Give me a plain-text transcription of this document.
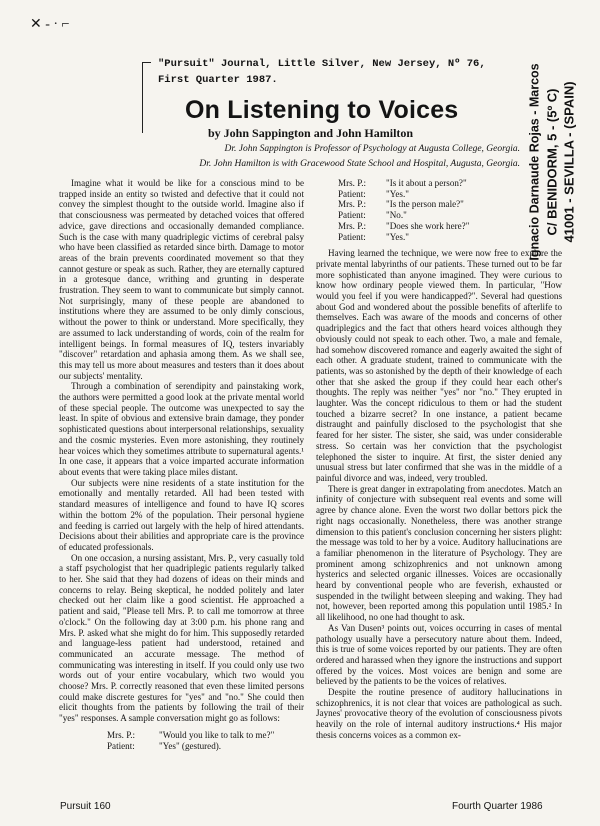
✕ - · ⌐
"Pursuit" Journal, Little Silver, New Jersey, Nº 76,
First Quarter 1987.
On Listening to Voices
by John Sappington and John Hamilton
Dr. John Sappington is Professor of Psychology at Augusta College, Georgia.
Dr. John Hamilton is with Gracewood State School and Hospital, Augusta, Georgia. Ignacio Darnaude Rojas - Marcos C/ BENIDORM, 5 - (5º C) 41001 - SEVILLA - (SPAIN)

Imagine what it would be like for a conscious mind to be trapped inside an entity so twisted and defective that it could not convey the simplest thought to the outside world. Imagine also if that consciousness was permeated by detached voices that offered advice, gave directions and occasionally demanded compliance. Such is the case with many quadriplegic victims of cerebral palsy who have been classified as retarded since birth. Damage to motor areas of the brain prevents coordinated movement so that they cannot gesture or speak as such. Rather, they are eternally captured in a grotesque dance, writhing and grunting in desperate frustration. They seem to want to communicate but simply cannot. Not surprisingly, many of these people are abandoned to institutions where they are assumed to be only dimly conscious, without the power to think or understand. More specifically, they are assumed to lack understanding of words, coin of the realm for intelligent beings. In formal measures of IQ, testers invariably "discover" retardation and aphasia among them. As we shall see, this may tell us more about measures and testers than it does about our subjects' mentality.

Through a combination of serendipity and painstaking work, the authors were permitted a good look at the private mental world of these special people. The outcome was unexpected to say the least. In spite of obvious and extensive brain damage, they ponder sophisticated questions about interpersonal relationships, sexuality and the cosmic mysteries. Even more astonishing, they routinely hear voices which they sometimes attribute to supernatural agents.¹ In one case, it appears that a voice imparted accurate information about events that were taking place miles distant.

Our subjects were nine residents of a state institution for the emotionally and mentally retarded. All had been tested with standard measures of intelligence and found to have IQ scores within the bottom 2% of the population. Their personal hygiene and feeding is carried out largely with the help of hired attendants. Decisions about their abilities and appropriate care is the province of educated professionals.

On one occasion, a nursing assistant, Mrs. P., very casually told a staff psychologist that her quadriplegic patients regularly talked to her. She said that they had dozens of ideas on their minds and concerns to relay. Being skeptical, he nodded politely and later checked out her claim like a good scientist. He approached a patient and said, "Please tell Mrs. P. to call me tomorrow at three o'clock." On the following day at 3:00 p.m. his phone rang and Mrs. P. asked what she might do for him. This supposedly retarded and language-less patient had understood, retained and communicated an accurate message. The method of communicating was interesting in itself. If you could only use two words out of your entire vocabulary, which two would you choose? Mrs. P. correctly reasoned that even these limited persons could make discrete gestures for "yes" and "no." She could then elicit thoughts from the patients by following the trail of their "yes" responses. A sample conversation might go as follows:

Mrs. P.:	"Would you like to talk to me?"
Patient:	"Yes" (gestured).
Mrs. P.:	"Is it about a person?"
Patient:	"Yes."
Mrs. P.:	"Is the person male?"
Patient:	"No."
Mrs. P.:	"Does she work here?"
Patient:	"Yes."

Having learned the technique, we were now free to explore the private mental labyrinths of our patients. These turned out to be far more sophisticated than anyone imagined. They were curious to know how ordinary people viewed them. In particular, "How would you feel if you were handicapped?". Several had questions about God and wondered about the possible benefits of afterlife to themselves. Each was aware of the moods and concerns of other quadriplegics and the fact that others heard voices although they obviously could not speak to each other. Two, a male and female, had somehow discovered romance and eagerly awaited the sight of each other. A graduate student, trained to communicate with the patients, was so astonished by the depth of their knowledge of each other that she asked the group if they could hear each other's thoughts. The reply was neither "yes" nor "no." They erupted in laughter. Was the concept ridiculous to them or had the student touched a bizarre secret? In one instance, a patient became distraught and painfully disclosed to the psychologist that she feared for her sister. The sister, she said, was under considerable stress. So certain was her conviction that the psychologist telephoned the sister to inquire. At first, the sister denied any unusual stress but later confirmed that she was in the middle of a painful divorce and was, indeed, very troubled.

There is great danger in extrapolating from anecdotes. Match an infinity of conjecture with subsequent real events and some will agree by chance alone. Even the worst two dollar bettors pick the right nags occasionally. Nonetheless, there was another strange dimension to this patient's conclusion concerning her sisters plight: the message was told to her by a voice. Auditory hallucinations are a familiar phenomenon in the literature of Psychology. They are prominent among schizophrenics and not unknown among hysterics and selected organic illnesses. Voices are occasionally heard by conventional people who are feverish, exhausted or suspended in the twilight between sleeping and waking. They had not, however, been reported among this population until 1985.² In all likelihood, no one had thought to ask.

As Van Dusen³ points out, voices occurring in cases of mental pathology usually have a persecutory nature about them. Indeed, this is true of some voices reported by our patients. They are often ordered and harassed when they ignore the instructions and support offered by the voices. Most voices are benign and some are believed by the patients to be the voices of relatives.

Despite the routine presence of auditory hallucinations in schizophrenics, it is not clear that voices are pathological as such. Jaynes' provocative theory of the evolution of consciousness pivots heavily on the role of internal auditory instructions.⁴ His major thesis concerns voices as a common ex-

Pursuit 160	Fourth Quarter 1986
